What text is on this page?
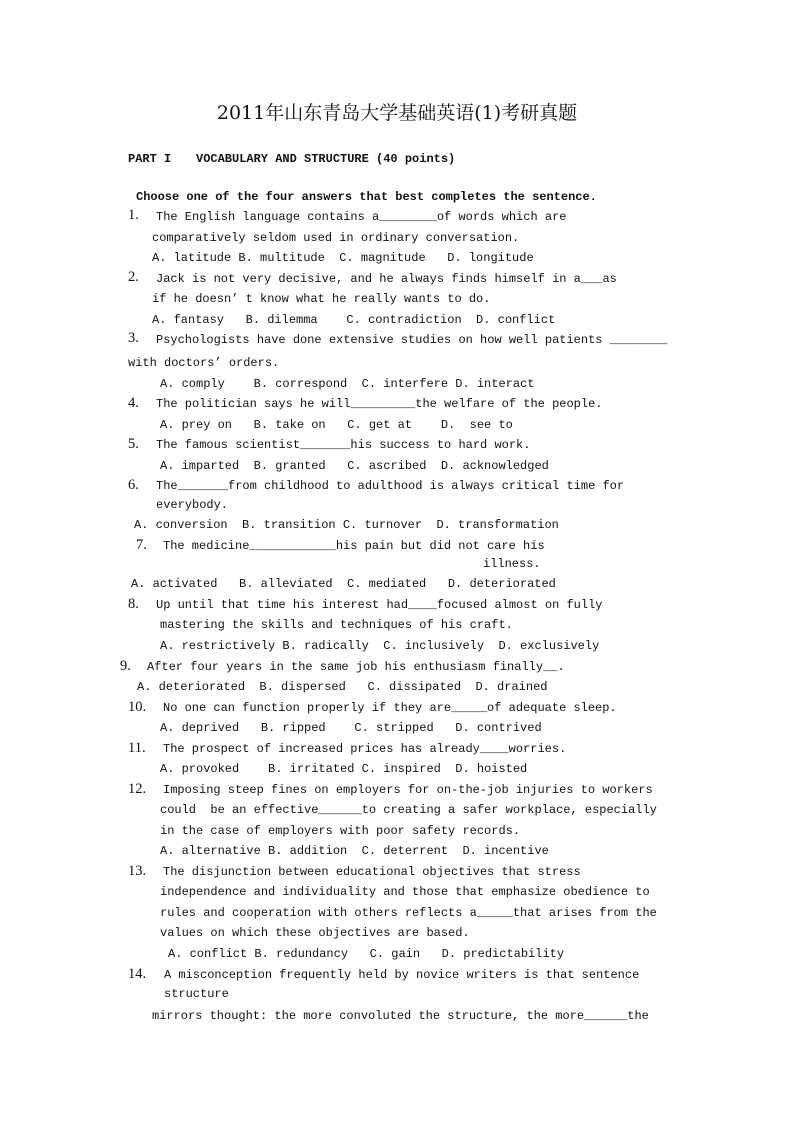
2011年山东青岛大学基础英语(1)考研真题
PART I VOCABULARY AND STRUCTURE (40 points)
Choose one of the four answers that best completes the sentence.
1. The English language contains a________of words which are
comparatively seldom used in ordinary conversation.
A. latitude B. multitude  C. magnitude   D. longitude
2. Jack is not very decisive, and he always finds himself in a___as
if he doesn’ t know what he really wants to do.
A. fantasy   B. dilemma    C. contradiction  D. conflict
3. Psychologists have done extensive studies on how well patients ________
with doctors’ orders.
A. comply    B. correspond  C. interfere D. interact
4. The politician says he will_________the welfare of the people.
A. prey on   B. take on   C. get at    D.  see to
5. The famous scientist_______his success to hard work.
A. imparted  B. granted   C. ascribed  D. acknowledged
6. The_______from childhood to adulthood is always critical time for
everybody.
A. conversion  B. transition C. turnover  D. transformation
7. The medicine____________his pain but did not care his
illness.
A. activated   B. alleviated  C. mediated   D. deteriorated
8. Up until that time his interest had____focused almost on fully
mastering the skills and techniques of his craft.
A. restrictively B. radically  C. inclusively  D. exclusively
9. After four years in the same job his enthusiasm finally__.
A. deteriorated  B. dispersed   C. dissipated  D. drained
10. No one can function properly if they are_____of adequate sleep.
A. deprived   B. ripped    C. stripped   D. contrived
11. The prospect of increased prices has already____worries.
A. provoked    B. irritated C. inspired  D. hoisted
12. Imposing steep fines on employers for on-the-job injuries to workers
could  be an effective______to creating a safer workplace, especially
in the case of employers with poor safety records.
A. alternative B. addition  C. deterrent  D. incentive
13. The disjunction between educational objectives that stress
independence and individuality and those that emphasize obedience to
rules and cooperation with others reflects a_____that arises from the
values on which these objectives are based.
A. conflict B. redundancy   C. gain   D. predictability
14. A misconception frequently held by novice writers is that sentence
structure
mirrors thought: the more convoluted the structure, the more______the
